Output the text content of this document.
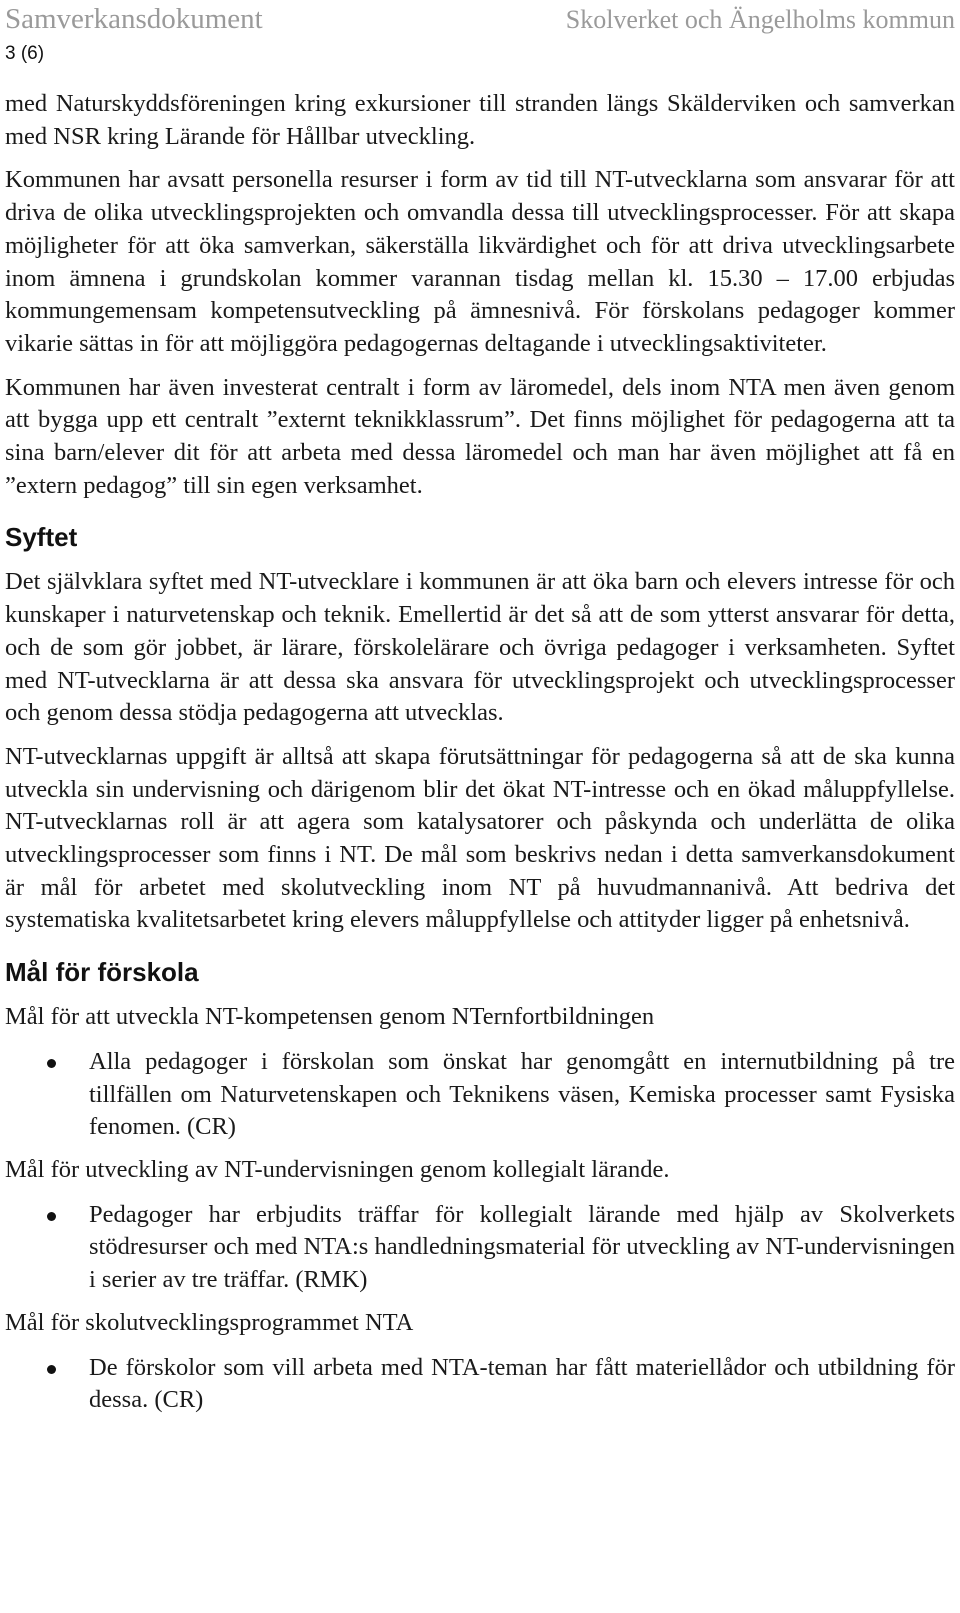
Samverkansdokument	Skolverket och Ängelholms kommun
3 (6)

med Naturskyddsföreningen kring exkursioner till stranden längs Skälderviken och samverkan med NSR kring Lärande för Hållbar utveckling.

Kommunen har avsatt personella resurser i form av tid till NT-utvecklarna som ansvarar för att driva de olika utvecklingsprojekten och omvandla dessa till utvecklingsprocesser. För att skapa möjligheter för att öka samverkan, säkerställa likvärdighet och för att driva utvecklingsarbete inom ämnena i grundskolan kommer varannan tisdag mellan kl. 15.30 – 17.00 erbjudas kommungemensam kompetensutveckling på ämnesnivå. För förskolans pedagoger kommer vikarie sättas in för att möjliggöra pedagogernas deltagande i utvecklingsaktiviteter.

Kommunen har även investerat centralt i form av läromedel, dels inom NTA men även genom att bygga upp ett centralt ”externt teknikklassrum”. Det finns möjlighet för pedagogerna att ta sina barn/elever dit för att arbeta med dessa läromedel och man har även möjlighet att få en ”extern pedagog” till sin egen verksamhet.

Syftet

Det självklara syftet med NT-utvecklare i kommunen är att öka barn och elevers intresse för och kunskaper i naturvetenskap och teknik. Emellertid är det så att de som ytterst ansvarar för detta, och de som gör jobbet, är lärare, förskolelärare och övriga pedagoger i verksamheten. Syftet med NT-utvecklarna är att dessa ska ansvara för utvecklingsprojekt och utvecklingsprocesser och genom dessa stödja pedagogerna att utvecklas.

NT-utvecklarnas uppgift är alltså att skapa förutsättningar för pedagogerna så att de ska kunna utveckla sin undervisning och därigenom blir det ökat NT-intresse och en ökad måluppfyllelse. NT-utvecklarnas roll är att agera som katalysatorer och påskynda och underlätta de olika utvecklingsprocesser som finns i NT. De mål som beskrivs nedan i detta samverkansdokument är mål för arbetet med skolutveckling inom NT på huvudmannanivå. Att bedriva det systematiska kvalitetsarbetet kring elevers måluppfyllelse och attityder ligger på enhetsnivå.

Mål för förskola

Mål för att utveckla NT-kompetensen genom NTernfortbildningen

Alla pedagoger i förskolan som önskat har genomgått en internutbildning på tre tillfällen om Naturvetenskapen och Teknikens väsen, Kemiska processer samt Fysiska fenomen. (CR)

Mål för utveckling av NT-undervisningen genom kollegialt lärande.

Pedagoger har erbjudits träffar för kollegialt lärande med hjälp av Skolverkets stödresurser och med NTA:s handledningsmaterial för utveckling av NT-undervisningen i serier av tre träffar. (RMK)

Mål för skolutvecklingsprogrammet NTA

De förskolor som vill arbeta med NTA-teman har fått materiellådor och utbildning för dessa. (CR)
